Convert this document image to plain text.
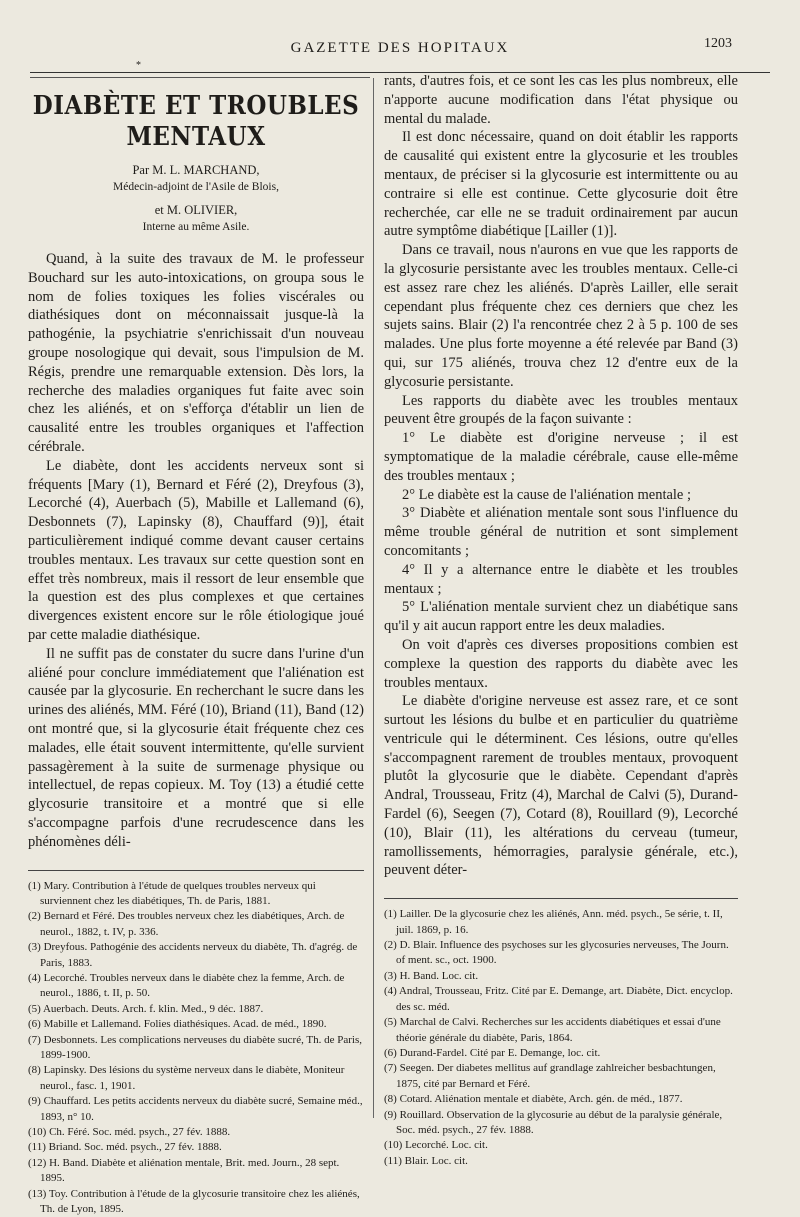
GAZETTE DES HOPITAUX	1203
*
DIABÈTE ET TROUBLES MENTAUX
Par M. L. MARCHAND,
Médecin-adjoint de l'Asile de Blois,
et M. OLIVIER,
Interne au même Asile.

Quand, à la suite des travaux de M. le professeur Bouchard sur les auto-intoxications, on groupa sous le nom de folies toxiques les folies viscérales ou diathésiques dont on méconnaissait jusque-là la pathogénie, la psychiatrie s'enrichissait d'un nouveau groupe nosologique qui devait, sous l'impulsion de M. Régis, prendre une remarquable extension. Dès lors, la recherche des maladies organiques fut faite avec soin chez les aliénés, et on s'efforça d'établir un lien de causalité entre les troubles organiques et l'affection cérébrale.

Le diabète, dont les accidents nerveux sont si fréquents [Mary (1), Bernard et Féré (2), Dreyfous (3), Lecorché (4), Auerbach (5), Mabille et Lallemand (6), Desbonnets (7), Lapinsky (8), Chauffard (9)], était particulièrement indiqué comme devant causer certains troubles mentaux. Les travaux sur cette question sont en effet très nombreux, mais il ressort de leur ensemble que la question est des plus complexes et que certaines divergences existent encore sur le rôle étiologique joué par cette maladie diathésique.

Il ne suffit pas de constater du sucre dans l'urine d'un aliéné pour conclure immédiatement que l'aliénation est causée par la glycosurie. En recherchant le sucre dans les urines des aliénés, MM. Féré (10), Briand (11), Band (12) ont montré que, si la glycosurie était fréquente chez ces malades, elle était souvent intermittente, qu'elle survient passagèrement à la suite de surmenage physique ou intellectuel, de repas copieux. M. Toy (13) a étudié cette glycosurie transitoire et a montré que si elle s'accompagne parfois d'une recrudescence dans les phénomènes déli-

(1) Mary. Contribution à l'étude de quelques troubles nerveux qui surviennent chez les diabétiques, Th. de Paris, 1881.
(2) Bernard et Féré. Des troubles nerveux chez les diabétiques, Arch. de neurol., 1882, t. IV, p. 336.
(3) Dreyfous. Pathogénie des accidents nerveux du diabète, Th. d'agrég. de Paris, 1883.
(4) Lecorché. Troubles nerveux dans le diabète chez la femme, Arch. de neurol., 1886, t. II, p. 50.
(5) Auerbach. Deuts. Arch. f. klin. Med., 9 déc. 1887.
(6) Mabille et Lallemand. Folies diathésiques. Acad. de méd., 1890.
(7) Desbonnets. Les complications nerveuses du diabète sucré, Th. de Paris, 1899-1900.
(8) Lapinsky. Des lésions du système nerveux dans le diabète, Moniteur neurol., fasc. 1, 1901.
(9) Chauffard. Les petits accidents nerveux du diabète sucré, Semaine méd., 1893, n° 10.
(10) Ch. Féré. Soc. méd. psych., 27 fév. 1888.
(11) Briand. Soc. méd. psych., 27 fév. 1888.
(12) H. Band. Diabète et aliénation mentale, Brit. med. Journ., 28 sept. 1895.
(13) Toy. Contribution à l'étude de la glycosurie transitoire chez les aliénés, Th. de Lyon, 1895.

rants, d'autres fois, et ce sont les cas les plus nombreux, elle n'apporte aucune modification dans l'état physique ou mental du malade.

Il est donc nécessaire, quand on doit établir les rapports de causalité qui existent entre la glycosurie et les troubles mentaux, de préciser si la glycosurie est intermittente ou au contraire si elle est continue. Cette glycosurie doit être recherchée, car elle ne se traduit ordinairement par aucun autre symptôme diabétique [Lailler (1)].

Dans ce travail, nous n'aurons en vue que les rapports de la glycosurie persistante avec les troubles mentaux. Celle-ci est assez rare chez les aliénés. D'après Lailler, elle serait cependant plus fréquente chez ces derniers que chez les sujets sains. Blair (2) l'a rencontrée chez 2 à 5 p. 100 de ses malades. Une plus forte moyenne a été relevée par Band (3) qui, sur 175 aliénés, trouva chez 12 d'entre eux de la glycosurie persistante.

Les rapports du diabète avec les troubles mentaux peuvent être groupés de la façon suivante :

1° Le diabète est d'origine nerveuse ; il est symptomatique de la maladie cérébrale, cause elle-même des troubles mentaux ;

2° Le diabète est la cause de l'aliénation mentale ;

3° Diabète et aliénation mentale sont sous l'influence du même trouble général de nutrition et sont simplement concomitants ;

4° Il y a alternance entre le diabète et les troubles mentaux ;

5° L'aliénation mentale survient chez un diabétique sans qu'il y ait aucun rapport entre les deux maladies.

On voit d'après ces diverses propositions combien est complexe la question des rapports du diabète avec les troubles mentaux.

Le diabète d'origine nerveuse est assez rare, et ce sont surtout les lésions du bulbe et en particulier du quatrième ventricule qui le déterminent. Ces lésions, outre qu'elles s'accompagnent rarement de troubles mentaux, provoquent plutôt la glycosurie que le diabète. Cependant d'après Andral, Trousseau, Fritz (4), Marchal de Calvi (5), Durand-Fardel (6), Seegen (7), Cotard (8), Rouillard (9), Lecorché (10), Blair (11), les altérations du cerveau (tumeur, ramollissements, hémorragies, paralysie générale, etc.), peuvent déter-

(1) Lailler. De la glycosurie chez les aliénés, Ann. méd. psych., 5e série, t. II, juil. 1869, p. 16.
(2) D. Blair. Influence des psychoses sur les glycosuries nerveuses, The Journ. of ment. sc., oct. 1900.
(3) H. Band. Loc. cit.
(4) Andral, Trousseau, Fritz. Cité par E. Demange, art. Diabète, Dict. encyclop. des sc. méd.
(5) Marchal de Calvi. Recherches sur les accidents diabétiques et essai d'une théorie générale du diabète, Paris, 1864.
(6) Durand-Fardel. Cité par E. Demange, loc. cit.
(7) Seegen. Der diabetes mellitus auf grandlage zahlreicher besbachtungen, 1875, cité par Bernard et Féré.
(8) Cotard. Aliénation mentale et diabète, Arch. gén. de méd., 1877.
(9) Rouillard. Observation de la glycosurie au début de la paralysie générale, Soc. méd. psych., 27 fév. 1888.
(10) Lecorché. Loc. cit.
(11) Blair. Loc. cit.
